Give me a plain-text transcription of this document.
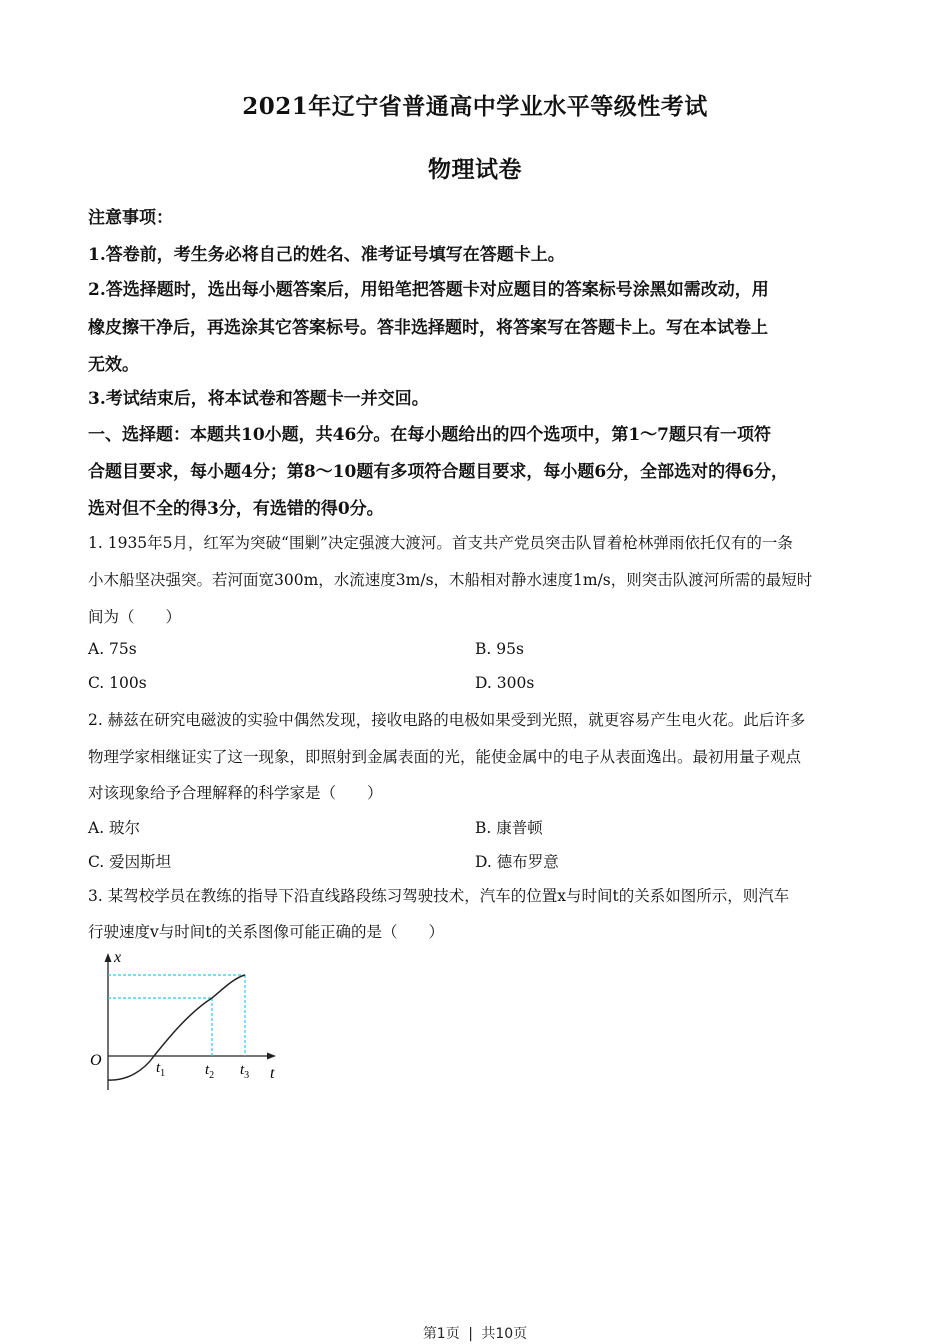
2021年辽宁省普通高中学业水平等级性考试
物理试卷
注意事项：
1.答卷前，考生务必将自己的姓名、准考证号填写在答题卡上。
2.答选择题时，选出每小题答案后，用铅笔把答题卡对应题目的答案标号涂黑如需改动，用
橡皮擦干净后，再选涂其它答案标号。答非选择题时，将答案写在答题卡上。写在本试卷上
无效。
3.考试结束后，将本试卷和答题卡一并交回。
一、选择题：本题共10小题，共46分。在每小题给出的四个选项中，第1～7题只有一项符
合题目要求，每小题4分；第8～10题有多项符合题目要求，每小题6分，全部选对的得6分，
选对但不全的得3分，有选错的得0分。
1. 1935年5月，红军为突破“围剿”决定强渡大渡河。首支共产党员突击队冒着枪林弹雨依托仅有的一条
小木船坚决强突。若河面宽300m，水流速度3m/s，木船相对静水速度1m/s，则突击队渡河所需的最短时
间为（　　）
A. 75s	B. 95s
C. 100s	D. 300s
2. 赫兹在研究电磁波的实验中偶然发现，接收电路的电极如果受到光照，就更容易产生电火花。此后许多
物理学家相继证实了这一现象，即照射到金属表面的光，能使金属中的电子从表面逸出。最初用量子观点
对该现象给予合理解释的科学家是（　　）
A. 玻尔	B. 康普顿
C. 爱因斯坦	D. 德布罗意
3. 某驾校学员在教练的指导下沿直线路段练习驾驶技术，汽车的位置x与时间t的关系如图所示，则汽车
行驶速度v与时间t的关系图像可能正确的是（　　）
x
t
O	$t_1$	$t_2$ $t_3$
第1页 | 共10页
